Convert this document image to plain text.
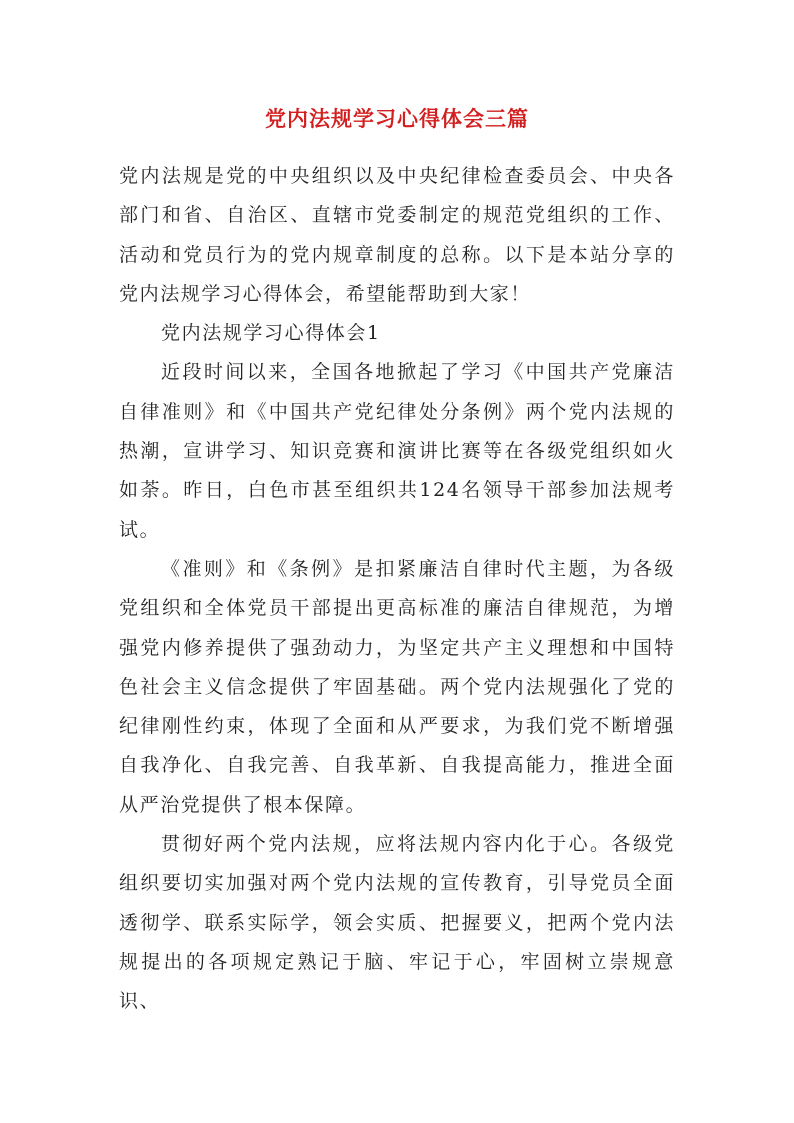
党内法规学习心得体会三篇

党内法规是党的中央组织以及中央纪律检查委员会、中央各部门和省、自治区、直辖市党委制定的规范党组织的工作、活动和党员行为的党内规章制度的总称。以下是本站分享的党内法规学习心得体会，希望能帮助到大家！

党内法规学习心得体会1

近段时间以来，全国各地掀起了学习《中国共产党廉洁自律准则》和《中国共产党纪律处分条例》两个党内法规的热潮，宣讲学习、知识竞赛和演讲比赛等在各级党组织如火如荼。昨日，白色市甚至组织共124名领导干部参加法规考试。

《准则》和《条例》是扣紧廉洁自律时代主题，为各级党组织和全体党员干部提出更高标准的廉洁自律规范，为增强党内修养提供了强劲动力，为坚定共产主义理想和中国特色社会主义信念提供了牢固基础。两个党内法规强化了党的纪律刚性约束，体现了全面和从严要求，为我们党不断增强自我净化、自我完善、自我革新、自我提高能力，推进全面从严治党提供了根本保障。

贯彻好两个党内法规，应将法规内容内化于心。各级党组织要切实加强对两个党内法规的宣传教育，引导党员全面透彻学、联系实际学，领会实质、把握要义，把两个党内法规提出的各项规定熟记于脑、牢记于心，牢固树立崇规意识、
